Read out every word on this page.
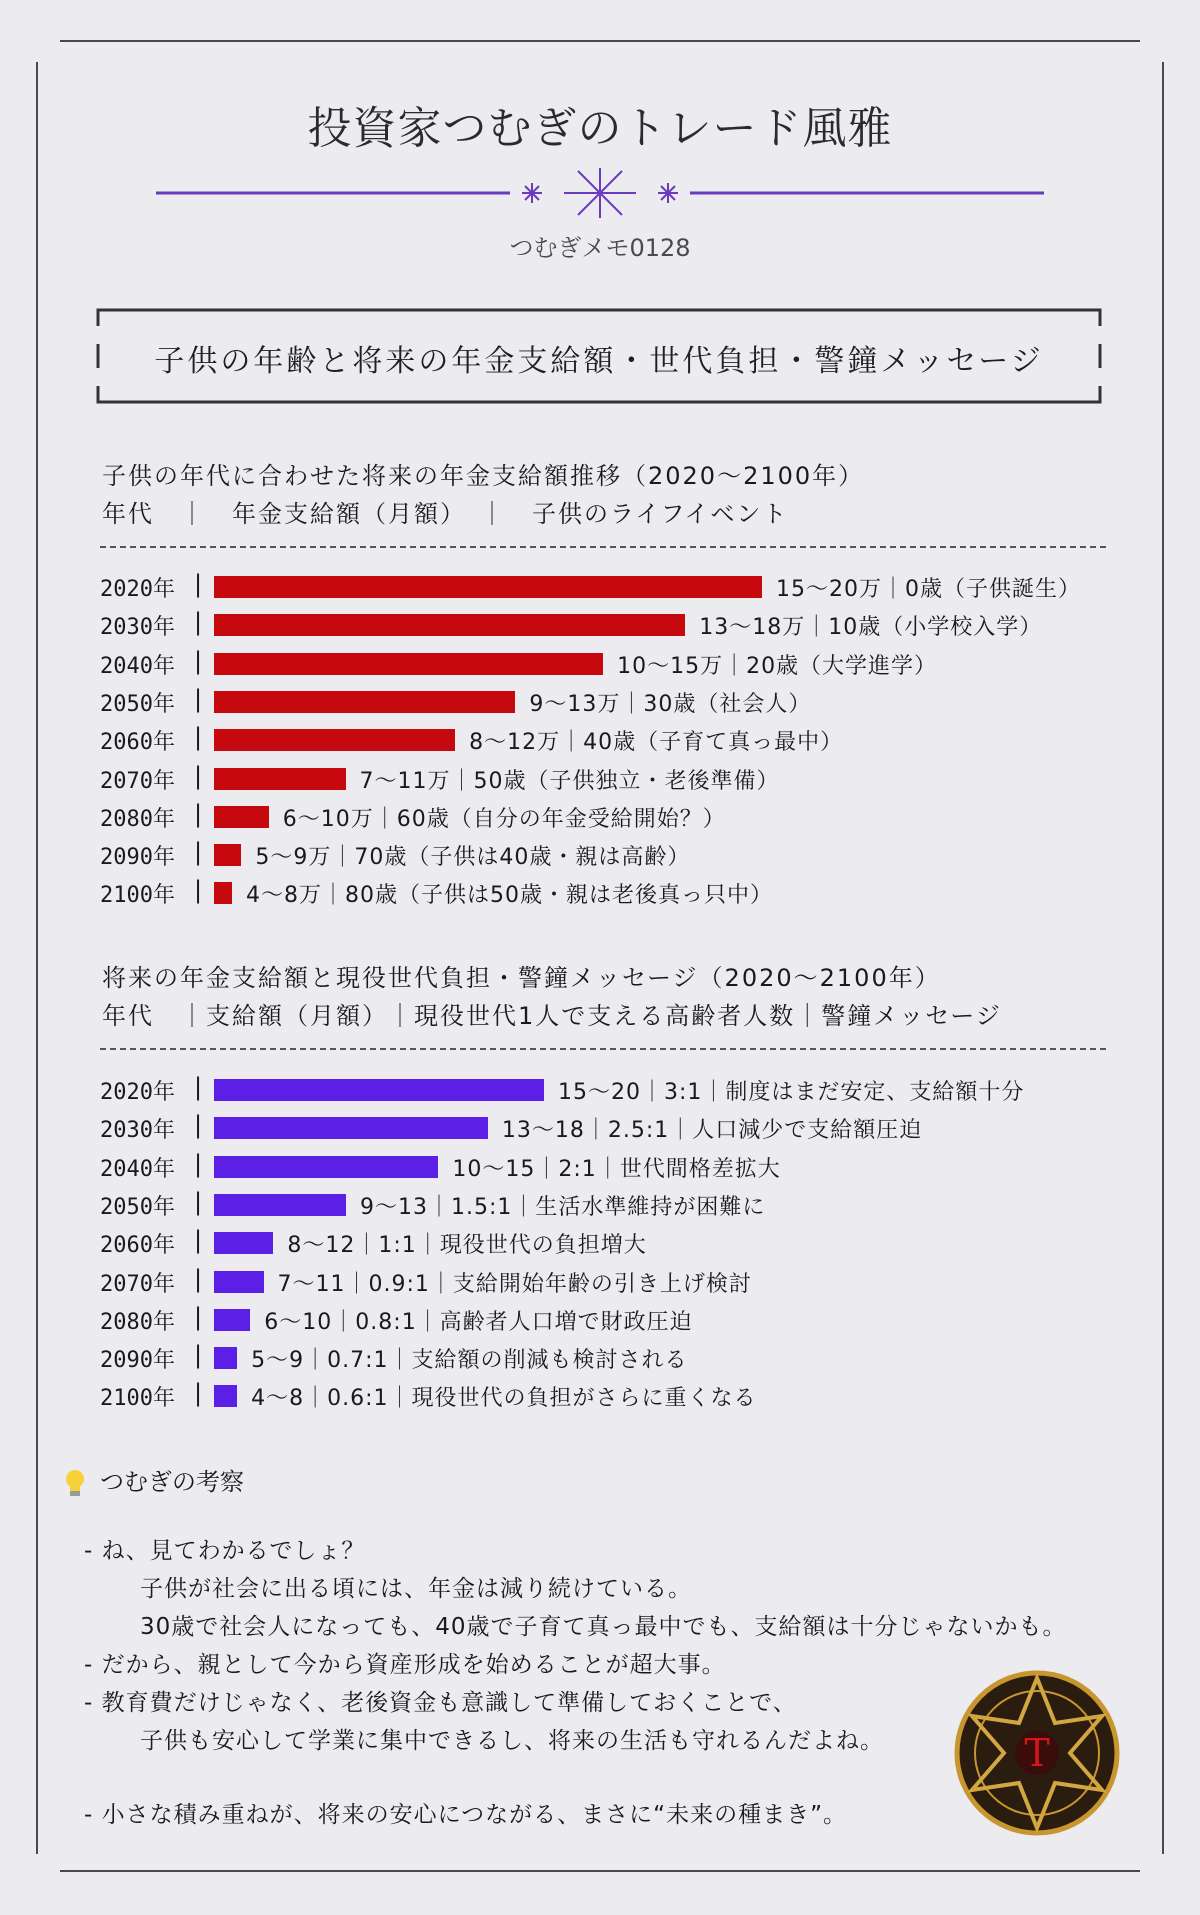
投資家つむぎのトレード風雅
つむぎメモ0128
子供の年齢と将来の年金支給額・世代負担・警鐘メッセージ
子供の年代に合わせた将来の年金支給額推移（2020〜2100年）
年代　｜　年金支給額（月額）　｜　子供のライフイベント
2020年 |	15〜20万｜0歳（子供誕生）
2030年 |	13〜18万｜10歳（小学校入学）
2040年 |	10〜15万｜20歳（大学進学）
2050年 |	9〜13万｜30歳（社会人）
2060年 |	8〜12万｜40歳（子育て真っ最中）
2070年 |	7〜11万｜50歳（子供独立・老後準備）
2080年 |	6〜10万｜60歳（自分の年金受給開始？）
2090年 | 5〜9万｜70歳（子供は40歳・親は高齢）
2100年 | 4〜8万｜80歳（子供は50歳・親は老後真っ只中）
将来の年金支給額と現役世代負担・警鐘メッセージ（2020〜2100年）
年代　｜支給額（月額）｜現役世代1人で支える高齢者人数｜警鐘メッセージ
2020年 |	15〜20｜3:1｜制度はまだ安定、支給額十分
2030年 |	13〜18｜2.5:1｜人口減少で支給額圧迫
2040年 |	10〜15｜2:1｜世代間格差拡大
2050年 |	9〜13｜1.5:1｜生活水準維持が困難に
2060年 |	8〜12｜1:1｜現役世代の負担増大
2070年 |	7〜11｜0.9:1｜支給開始年齢の引き上げ検討
2080年 |	6〜10｜0.8:1｜高齢者人口増で財政圧迫
2090年 | 5〜9｜0.7:1｜支給額の削減も検討される
2100年 | 4〜8｜0.6:1｜現役世代の負担がさらに重くなる
つむぎの考察
- ね、見てわかるでしょ？
子供が社会に出る頃には、年金は減り続けている。
30歳で社会人になっても、40歳で子育て真っ最中でも、支給額は十分じゃないかも。
- だから、親として今から資産形成を始めることが超大事。
- 教育費だけじゃなく、老後資金も意識して準備しておくことで、
子供も安心して学業に集中できるし、将来の生活も守れるんだよね。
- 小さな積み重ねが、将来の安心につながる、まさに“未来の種まき”。
T
